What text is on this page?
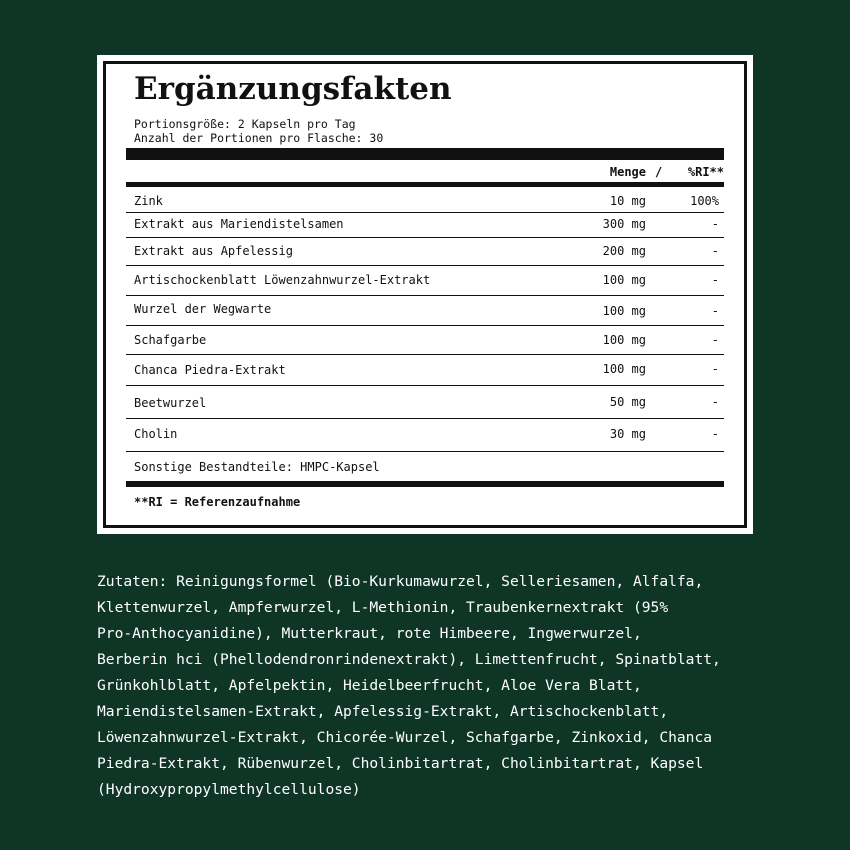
Ergänzungsfakten
Portionsgröße: 2 Kapseln pro Tag
Anzahl der Portionen pro Flasche: 30
Menge / %RI**
Zink	10 mg	100%
Extrakt aus Mariendistelsamen	300 mg	-
Extrakt aus Apfelessig	200 mg	-
Artischockenblatt Löwenzahnwurzel-Extrakt	100 mg	-
Wurzel der Wegwarte	100 mg	-
Schafgarbe	100 mg	-
Chanca Piedra-Extrakt	100 mg	-
Beetwurzel	50 mg	-
Cholin	30 mg	-
Sonstige Bestandteile: HMPC-Kapsel
**RI = Referenzaufnahme
Zutaten: Reinigungsformel (Bio-Kurkumawurzel, Selleriesamen, Alfalfa,
Klettenwurzel, Ampferwurzel, L-Methionin, Traubenkernextrakt (95%
Pro-Anthocyanidine), Mutterkraut, rote Himbeere, Ingwerwurzel,
Berberin hci (Phellodendronrindenextrakt), Limettenfrucht, Spinatblatt,
Grünkohlblatt, Apfelpektin, Heidelbeerfrucht, Aloe Vera Blatt,
Mariendistelsamen-Extrakt, Apfelessig-Extrakt, Artischockenblatt,
Löwenzahnwurzel-Extrakt, Chicorée-Wurzel, Schafgarbe, Zinkoxid, Chanca
Piedra-Extrakt, Rübenwurzel, Cholinbitartrat, Cholinbitartrat, Kapsel
(Hydroxypropylmethylcellulose)
